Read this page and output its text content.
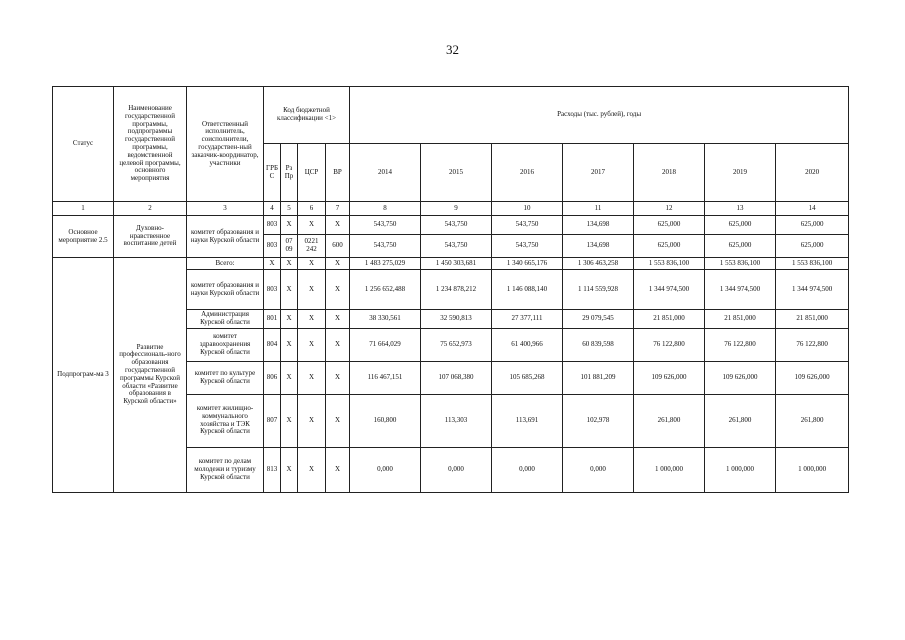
32
Статус	Наименование государственной программы, подпрограммы государственной программы, ведомственной целевой программы, основного мероприятия	Ответственный исполнитель, соисполнители, государствен-ный заказчик-координатор, участники	Код бюджетной классификации <1>				Расходы (тыс. рублей), годы						
			ГРБ С	Рз Пр	ЦСР	ВР	2014	2015	2016	2017	2018	2019	2020
1	2	3	4	5	6	7	8	9	10	11	12	13	14
Основное мероприятие 2.5	Духовно-нравственное воспитание детей	комитет образования и науки Курской области	803	Х	Х	Х	543,750	543,750	543,750	134,698	625,000	625,000	625,000
			803	07 09	0221 242	600	543,750	543,750	543,750	134,698	625,000	625,000	625,000
Подпрограм-ма 3	Развитие профессиональ-ного образования государственной программы Курской области «Развитие образования в Курской области»	Всего:	Х	Х	Х	Х	1 483 275,029	1 450 303,681	1 340 665,176	1 306 463,258	1 553 836,100	1 553 836,100	1 553 836,100
		комитет образования и науки Курской области	803	Х	Х	Х	1 256 652,488	1 234 878,212	1 146 088,140	1 114 559,928	1 344 974,500	1 344 974,500	1 344 974,500
		Администрация Курской области	801	Х	Х	Х	38 330,561	32 590,813	27 377,111	29 079,545	21 851,000	21 851,000	21 851,000
		комитет здравоохранения Курской области	804	Х	Х	Х	71 664,029	75 652,973	61 400,966	60 839,598	76 122,800	76 122,800	76 122,800
		комитет по культуре Курской области	806	Х	Х	Х	116 467,151	107 068,380	105 685,268	101 881,209	109 626,000	109 626,000	109 626,000
		комитет жилищно-коммунального хозяйства и ТЭК Курской области	807	Х	Х	Х	160,800	113,303	113,691	102,978	261,800	261,800	261,800
		комитет по делам молодежи и туризму Курской области	813	Х	Х	Х	0,000	0,000	0,000	0,000	1 000,000	1 000,000	1 000,000
